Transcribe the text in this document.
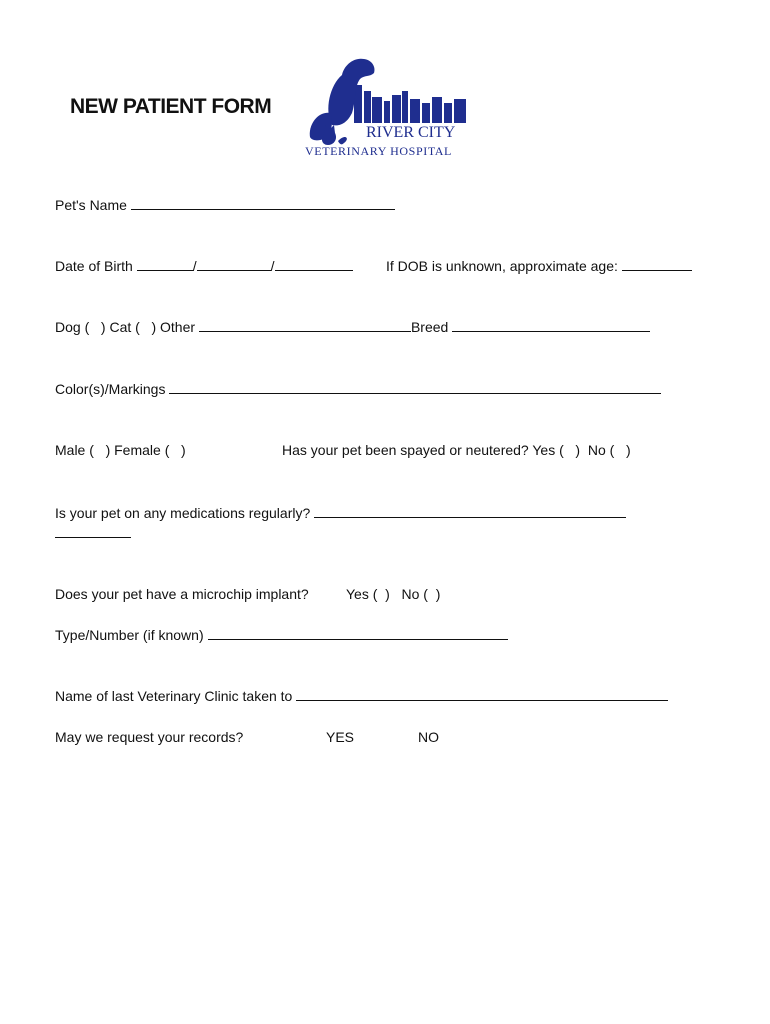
NEW PATIENT FORM
RIVER CITY
VETERINARY HOSPITAL
Pet's Name
Date of Birth	/	/	If DOB is unknown, approximate age:
Dog (   ) Cat (   ) Other	Breed
Color(s)/Markings
Male (   ) Female (   )	Has your pet been spayed or neutered? Yes (   )  No (   )
Is your pet on any medications regularly?
Does your pet have a microchip implant?	Yes (  )   No (  )
Type/Number (if known)
Name of last Veterinary Clinic taken to
May we request your records?	YES	NO
